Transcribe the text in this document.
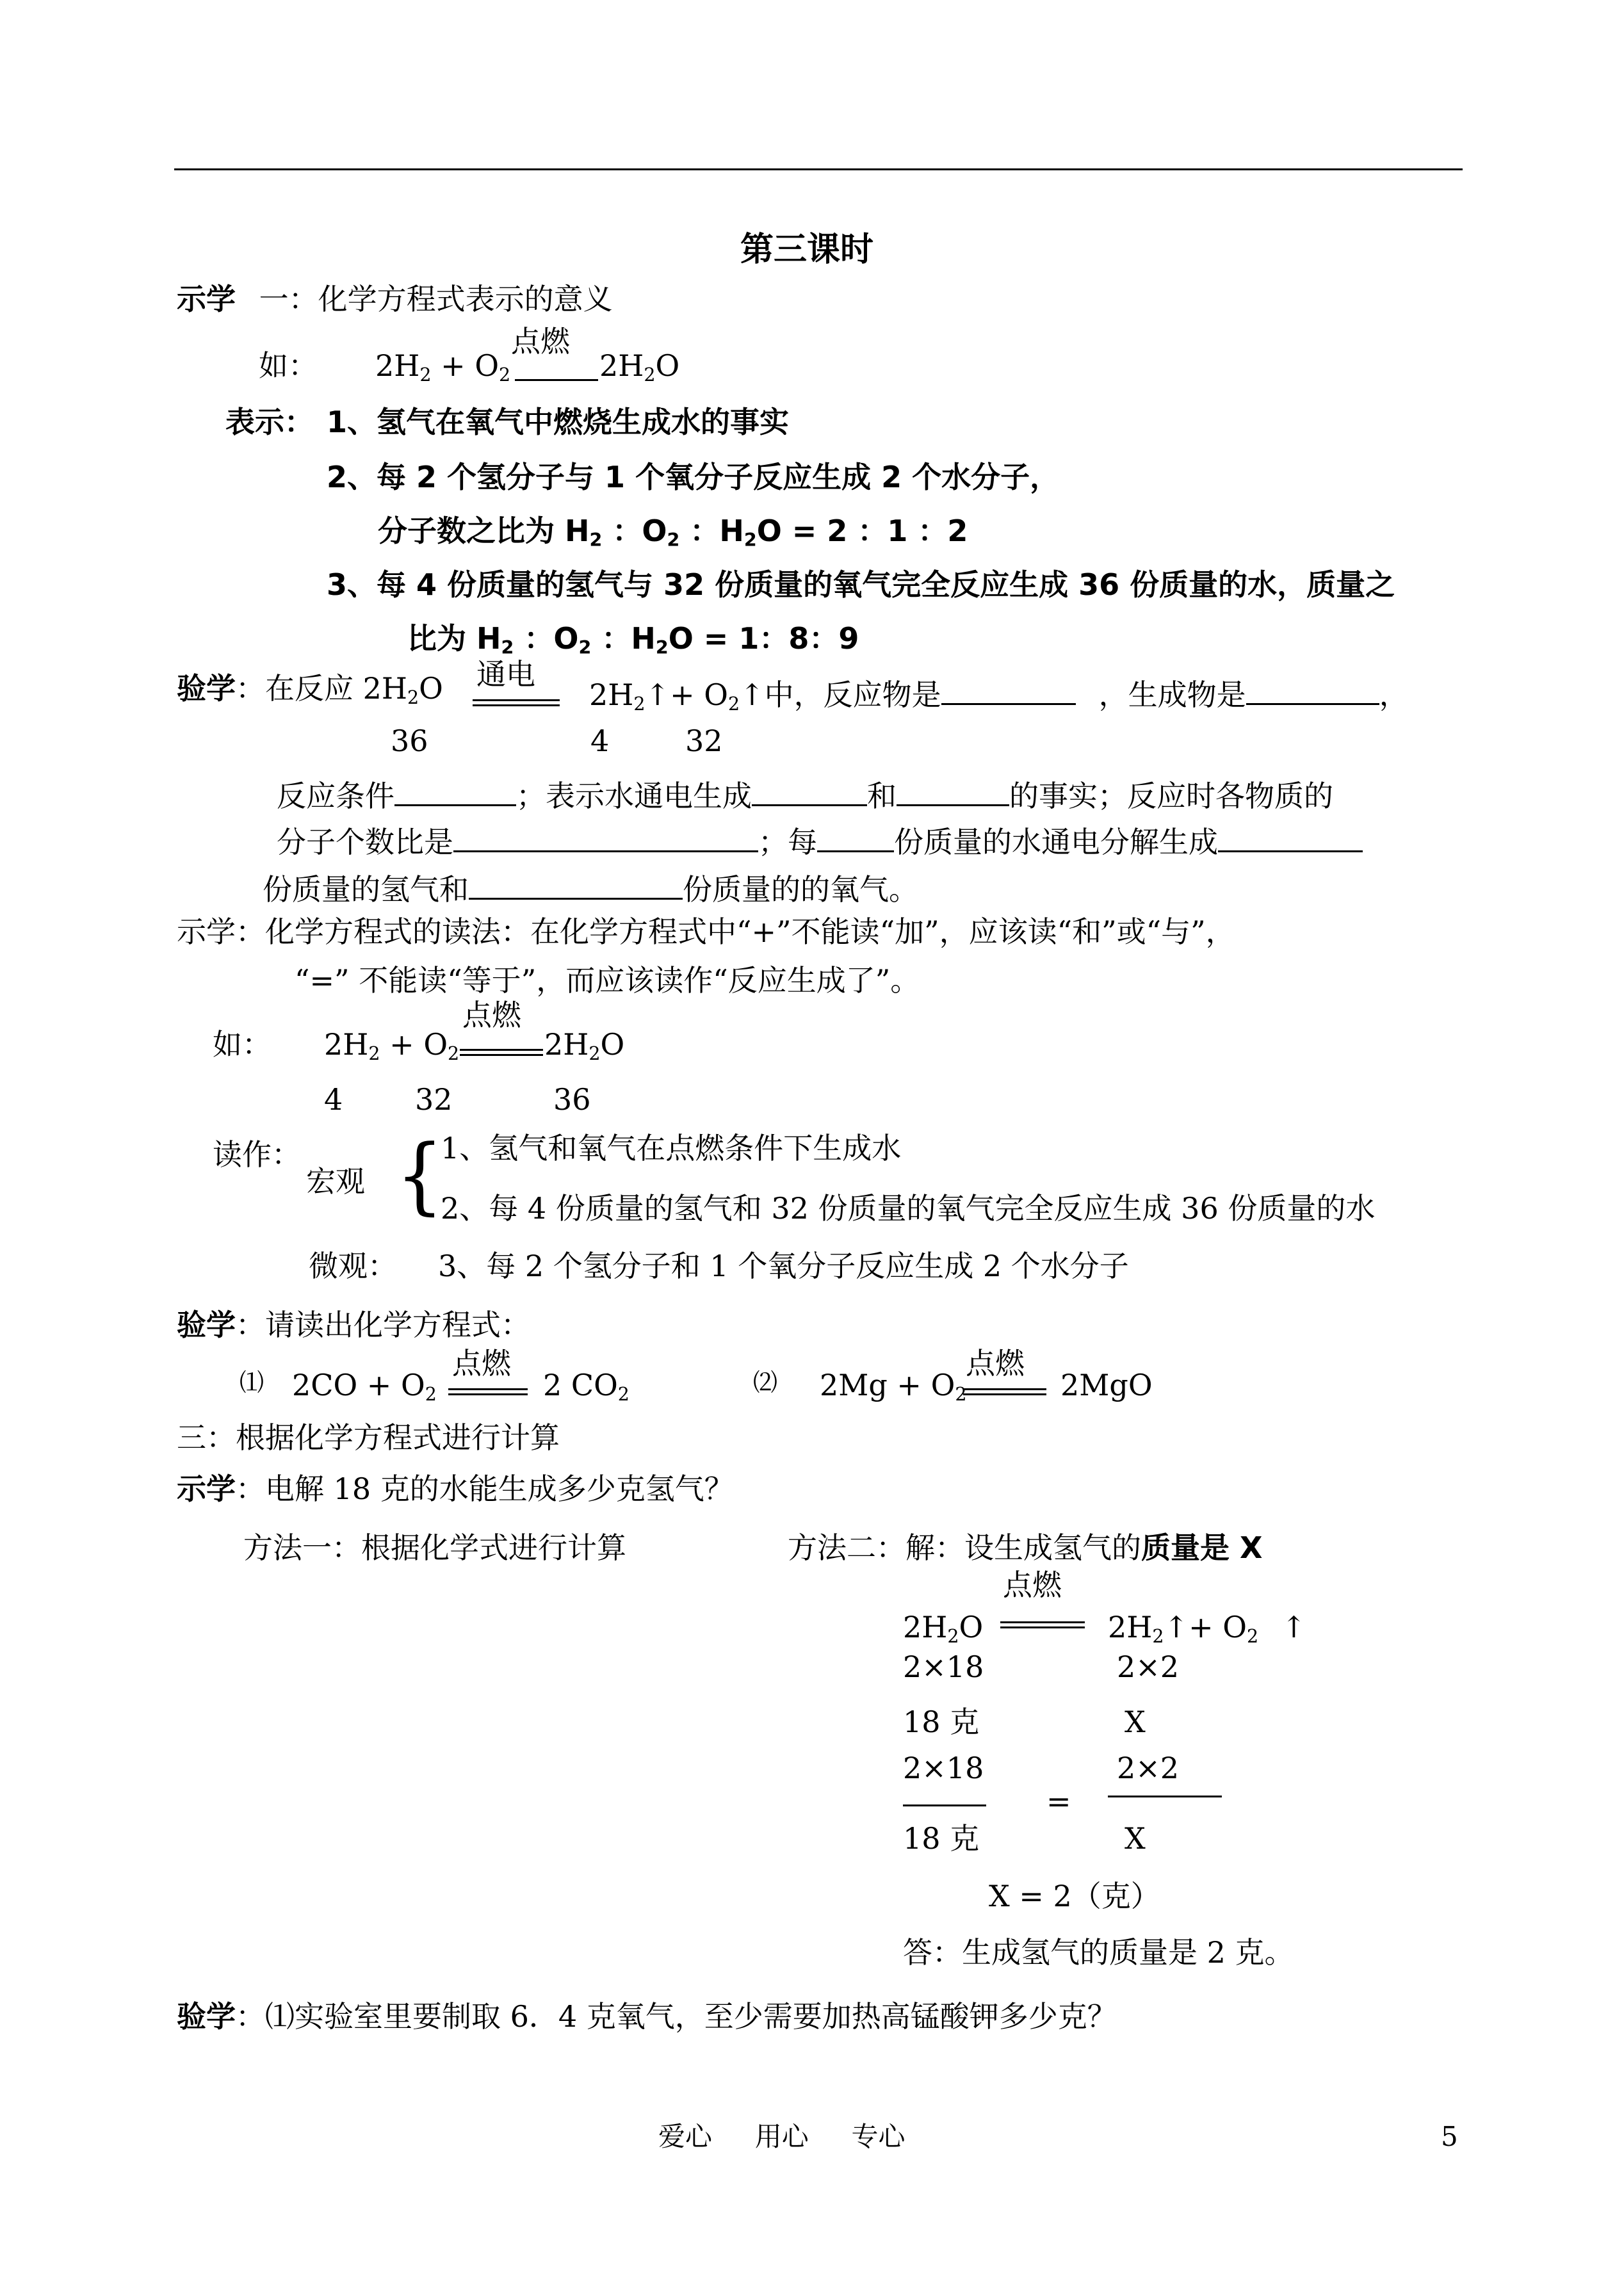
第三课时
示学 一：化学方程式表示的意义
如： $2H_2 + O_2$
点燃
$2H_2O$
表示： 1、氢气在氧气中燃烧生成水的事实
2、每 2 个氢分子与 1 个氧分子反应生成 2 个水分子，
分子数之比为 $H_2$ ：$O_2$ ：$H_2O = 2$ ：1 ：2
3、每 4 份质量的氢气与 32 份质量的氧气完全反应生成 36 份质量的水，质量之
比为 $H_2$ ：$O_2$ ：$H_2O = 1$：8：9
验学：在反应 $2H_2O$ 通电
$2H_2↑+$ $O_2↑$中，反应物是	，生成物是	，
36	4	32
反应条件	；表示水通电生成	和	的事实；反应时各物质的
分子个数比是	；每	份质量的水通电分解生成
份质量的氢气和	份质量的的氧气。
示学：化学方程式的读法：在化学方程式中“+”不能读“加”，应该读“和”或“与”，
“=” 不能读“等于”，而应该读作“反应生成了”。
如： $2H_2 + O_2$
点燃
$2H_2O$
4 32	36
读作：
宏观 {
1、氢气和氧气在点燃条件下生成水
2、每 4 份质量的氢气和 32 份质量的氧气完全反应生成 36 份质量的水
微观： 3、每 2 个氢分子和 1 个氧分子反应生成 2 个水分子
验学：请读出化学方程式：
⑴ $2CO + O_2$
点燃
2 $CO_2$	⑵ $2Mg + O_2$
点燃
2MgO
三：根据化学方程式进行计算
示学：电解 18 克的水能生成多少克氢气？
方法一：根据化学式进行计算	方法二：解：设生成氢气的质量是 X
点燃
$2H_2O$	$2H_2↑+ O_2$ ↑
2×18	2×2
18 克	X
2×18
18 克
=
2×2
X
X = 2（克）
答：生成氢气的质量是 2 克。
验学：⑴实验室里要制取 6．4 克氧气，至少需要加热高锰酸钾多少克？
爱心     用心     专心	5
